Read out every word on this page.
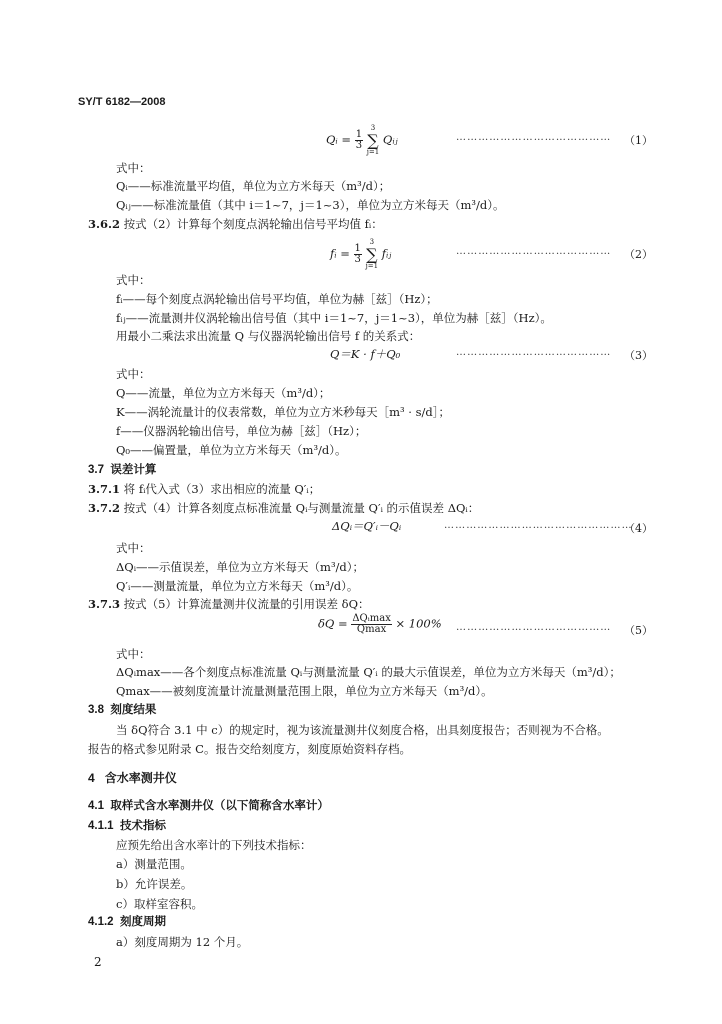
SY/T 6182—2008
Qᵢ = $\frac{1}{3}$

3
∑
j=1
Qᵢⱼ	…………………………………… （1）
式中：
Qᵢ——标准流量平均值，单位为立方米每天（m³/d）；
Qᵢⱼ——标准流量值（其中 i＝1~7，j＝1~3），单位为立方米每天（m³/d）。
3.6.2 按式（2）计算每个刻度点涡轮输出信号平均值 fᵢ：
fᵢ = $\frac{1}{3}$

3
∑
j=1
fᵢⱼ	…………………………………… （2）
式中：
fᵢ——每个刻度点涡轮输出信号平均值，单位为赫［兹］（Hz）；
fᵢⱼ——流量测井仪涡轮输出信号值（其中 i＝1~7，j＝1~3），单位为赫［兹］（Hz）。
用最小二乘法求出流量 Q 与仪器涡轮输出信号 f 的关系式：
Q＝K · f＋Q₀	…………………………………… （3）
式中：
Q——流量，单位为立方米每天（m³/d）；
K——涡轮流量计的仪表常数，单位为立方米秒每天［m³ · s/d］；
f——仪器涡轮输出信号，单位为赫［兹］（Hz）；
Q₀——偏置量，单位为立方米每天（m³/d）。
3.7 误差计算
3.7.1 将 fᵢ代入式（3）求出相应的流量 Q′ᵢ；
3.7.2 按式（4）计算各刻度点标准流量 Qᵢ与测量流量 Q′ᵢ 的示值误差 ΔQᵢ：
ΔQᵢ＝Q′ᵢ－Qᵢ	……………………………………………
（4）
式中：
ΔQᵢ——示值误差，单位为立方米每天（m³/d）；
Q′ᵢ——测量流量，单位为立方米每天（m³/d）。
3.7.3 按式（5）计算流量测井仪流量的引用误差 δQ：
$\delta Q = \frac{\text{ΔQᵢmax}}{Qmax} \times 100\%$ …………………………………… （5）
式中：
ΔQᵢmax——各个刻度点标准流量 Qᵢ与测量流量 Q′ᵢ 的最大示值误差，单位为立方米每天（m³/d）；
Qmax——被刻度流量计流量测量范围上限，单位为立方米每天（m³/d）。
3.8 刻度结果
当 δQ符合 3.1 中 c）的规定时，视为该流量测井仪刻度合格，出具刻度报告；否则视为不合格。
报告的格式参见附录 C。报告交给刻度方，刻度原始资料存档。
4 含水率测井仪
4.1 取样式含水率测井仪（以下简称含水率计）
4.1.1 技术指标
应预先给出含水率计的下列技术指标：
a）测量范围。
b）允许误差。
c）取样室容积。
4.1.2 刻度周期
a）刻度周期为 12 个月。
2
